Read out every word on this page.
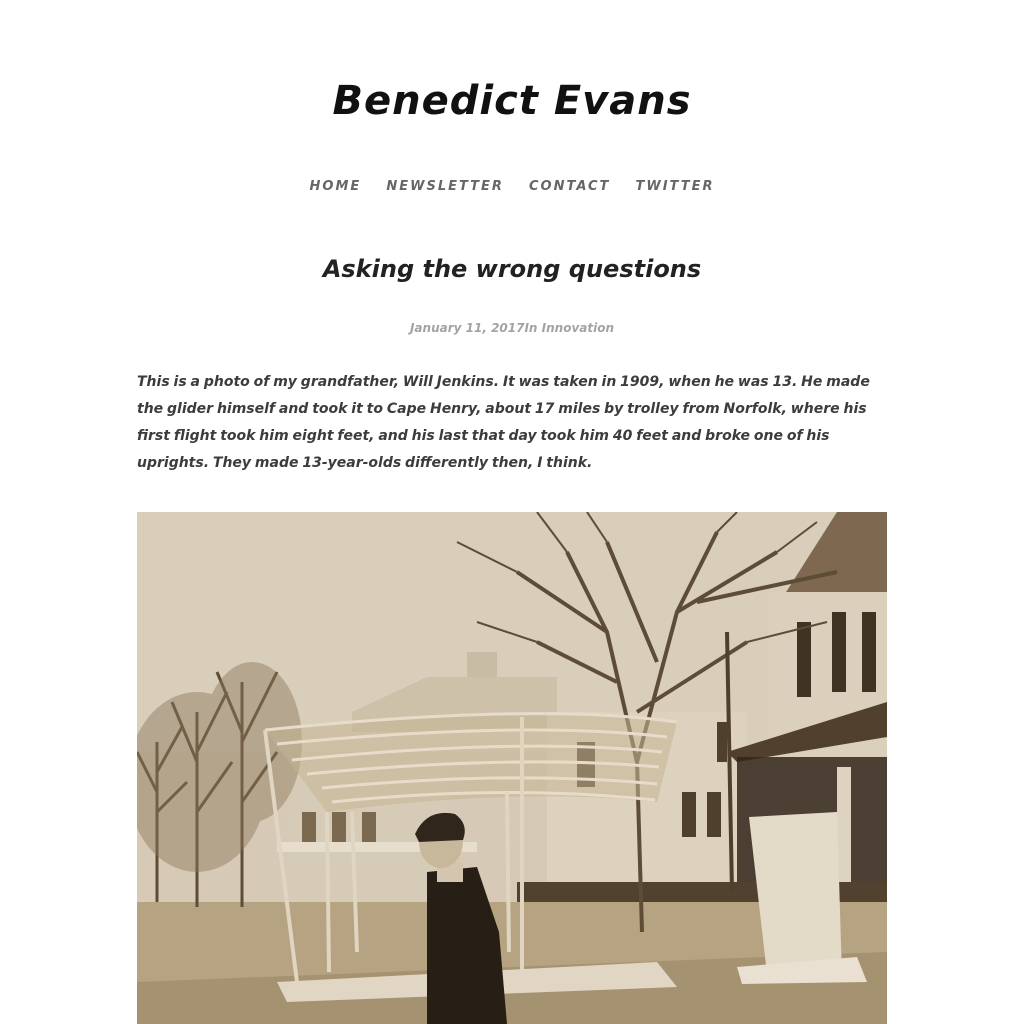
Benedict Evans
HOME NEWSLETTER CONTACT TWITTER
Asking the wrong questions
January 11, 2017In Innovation

This is a photo of my grandfather, Will Jenkins. It was taken in 1909, when he was 13. He made the glider himself and took it to Cape Henry, about 17 miles by trolley from Norfolk, where his first flight took him eight feet, and his last that day took him 40 feet and broke one of his uprights. They made 13-year-olds differently then, I think.
